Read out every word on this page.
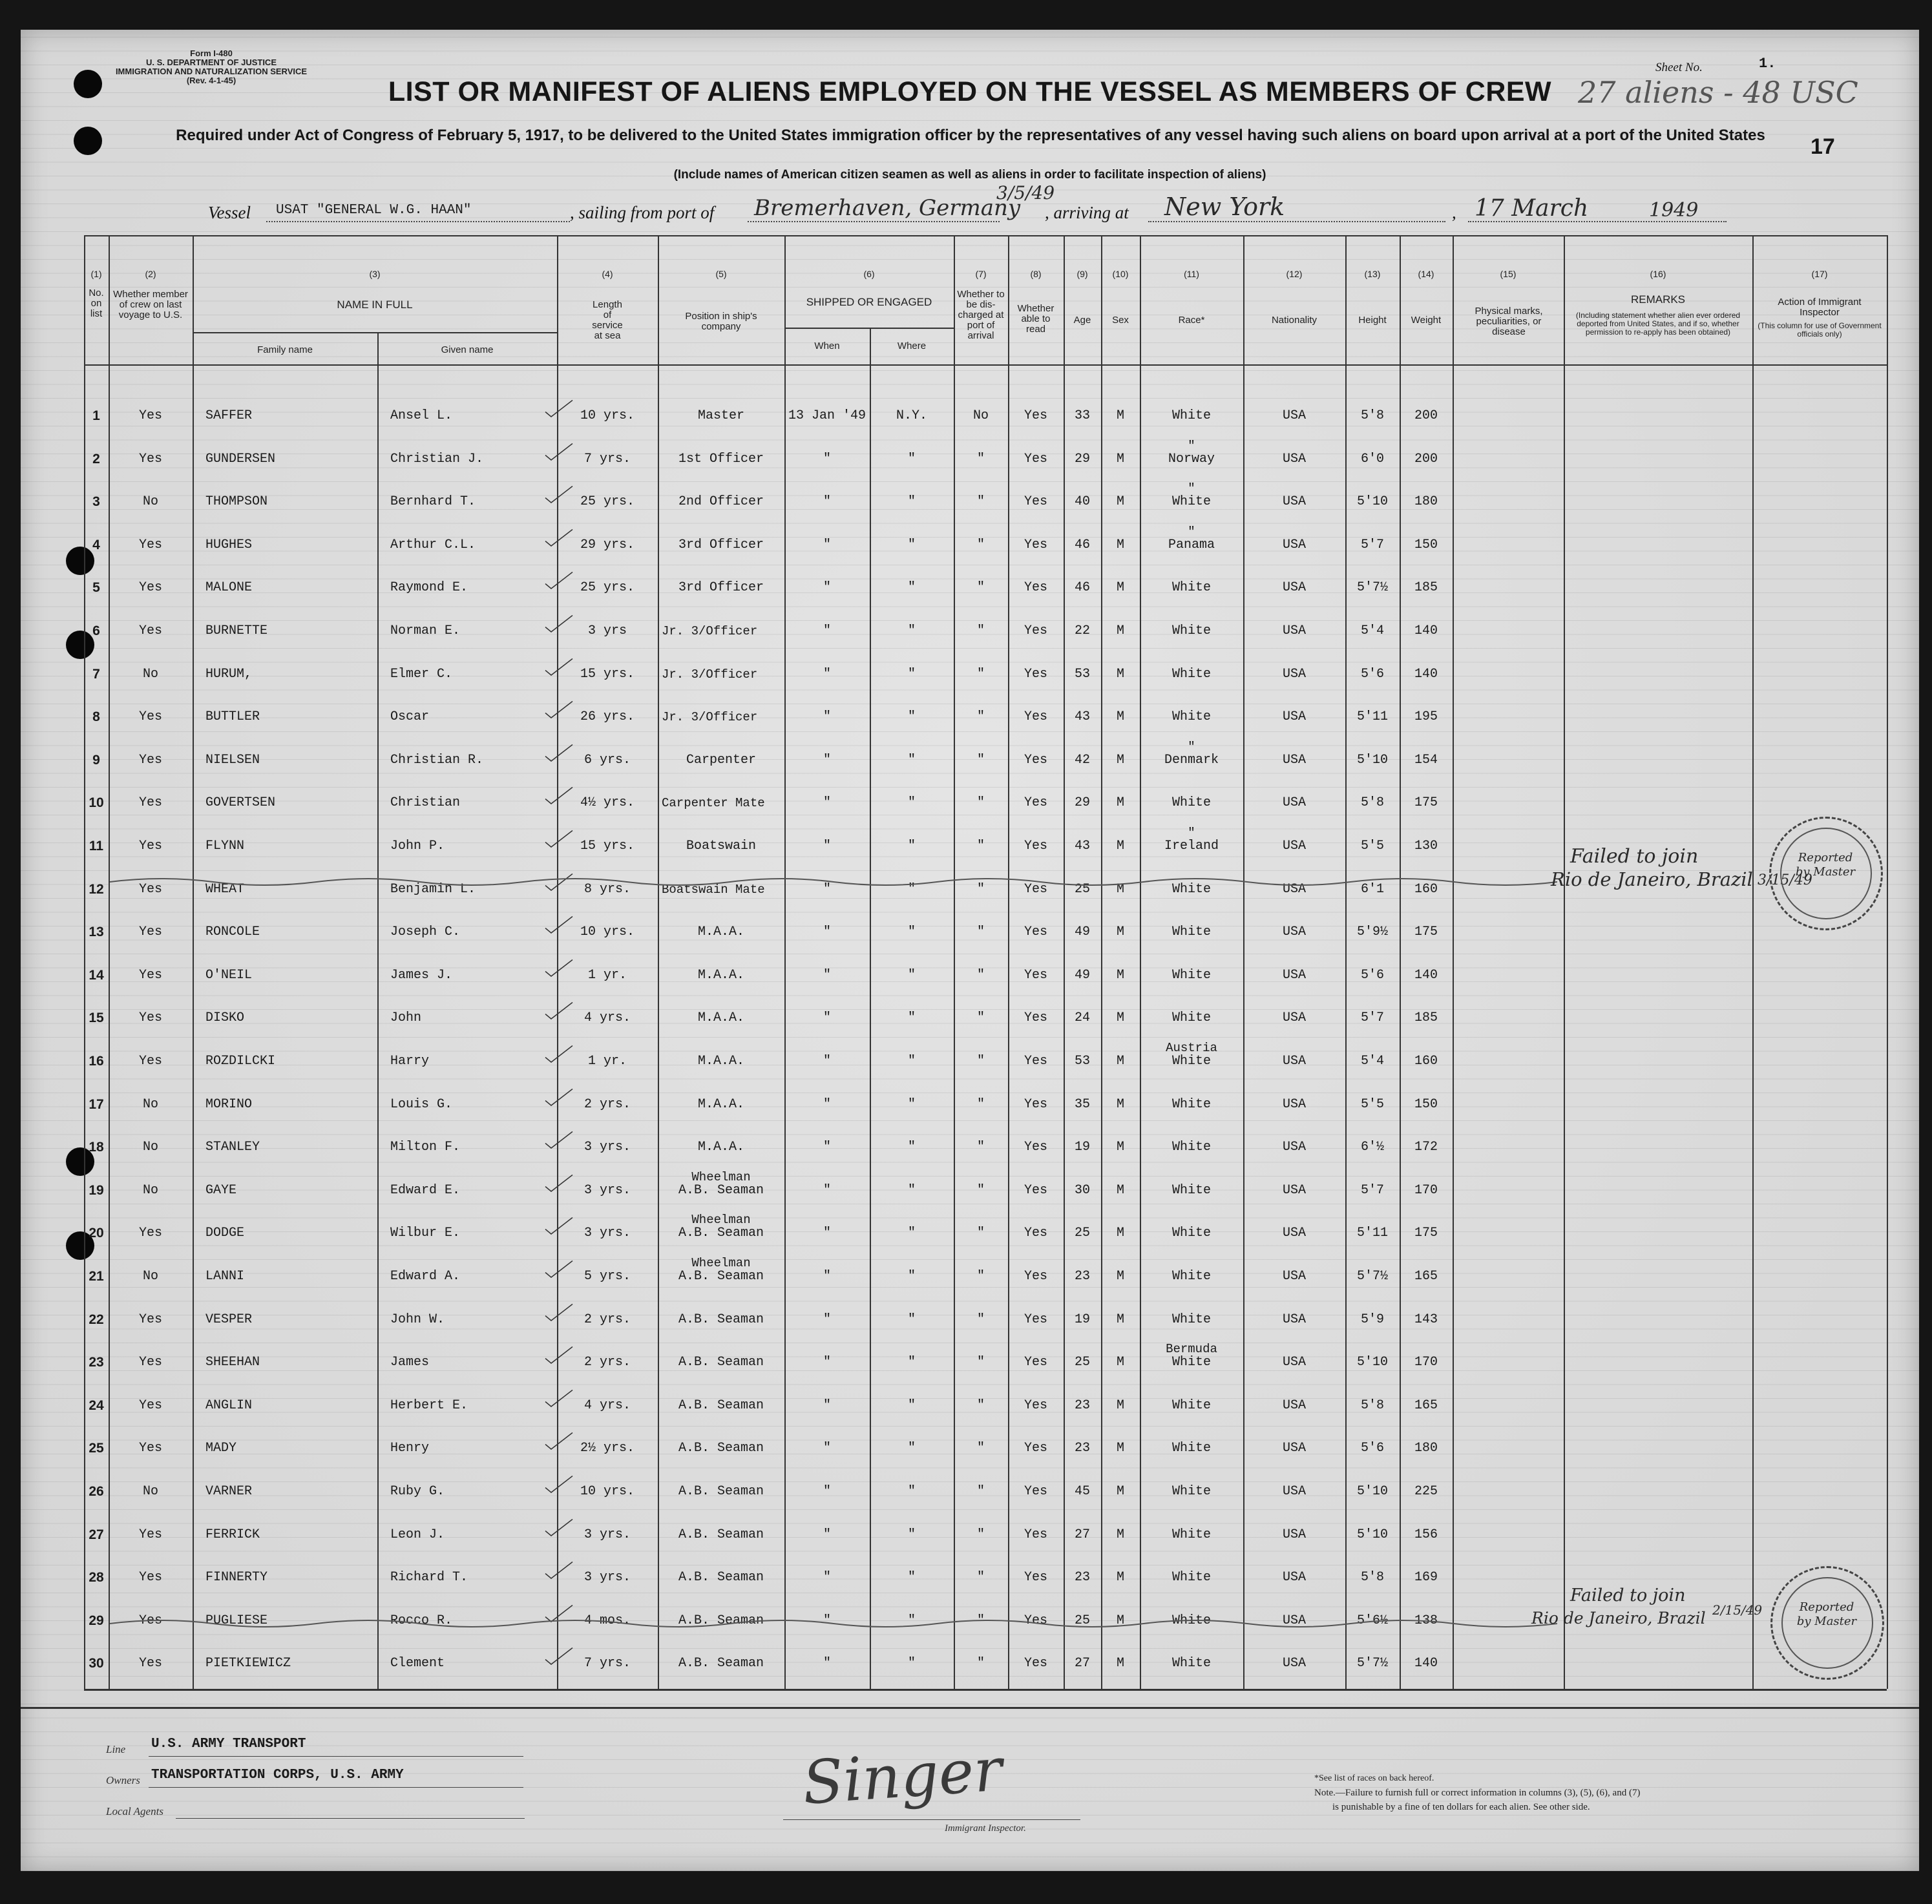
Form I-480
U. S. DEPARTMENT OF JUSTICE
IMMIGRATION AND NATURALIZATION SERVICE
(Rev. 4-1-45)
Sheet No.	1.
27 aliens - 48 USC
LIST OR MANIFEST OF ALIENS EMPLOYED ON THE VESSEL AS MEMBERS OF CREW
Required under Act of Congress of February 5, 1917, to be delivered to the United States immigration officer by the representatives of any vessel having such aliens on board upon arrival at a port of the United States
(Include names of American citizen seamen as well as aliens in order to facilitate inspection of aliens)
17
Vessel USAT "GENERAL W.G. HAAN"	, sailing from port of Bremerhaven, Germany
3/5/49
, arriving at New York	, 17 March	1949
(1)	(2)	(3)	(4)	(5)	(6)	(7)	(8)	(9)	(10)	(11)	(12)	(13)	(14)	(15)	(16)	(17)
No. on list
Whether member of crew on last voyage to U.S.
NAME IN FULL
Family name	Given name
Length of service at sea
Position in ship's company
SHIPPED OR ENGAGED
When	Where
Whether to be dis-charged at port of arrival
Whether able to read
Age	Sex	Race*	Nationality	Height	Weight
Physical marks, peculiarities, or disease
REMARKS
(Including statement whether alien ever ordered deported from United States, and if so, whether permission to re-apply has been obtained)
Action of Immigrant Inspector
(This column for use of Government officials only)
1	Yes	SAFFER	Ansel L.	10 yrs.	Master	13 Jan '49	N.Y.	No	Yes	33	M	White	USA	5'8	200
2	Yes	GUNDERSEN	Christian J.	7 yrs.	1st Officer	"	"	"	Yes	29	M	Norway	USA	6'0	200
"
3	No	THOMPSON	Bernhard T.	25 yrs.	2nd Officer	"	"	"	Yes	40	M	White	USA	5'10	180
"
4	Yes	HUGHES	Arthur C.L.	29 yrs.	3rd Officer	"	"	"	Yes	46	M	Panama	USA	5'7	150
"
5	Yes	MALONE	Raymond E.	25 yrs.	3rd Officer	"	"	"	Yes	46	M	White	USA	5'7½	185
6	Yes	BURNETTE	Norman E.	3 yrs	Jr. 3/Officer	"	"	"	Yes	22	M	White	USA	5'4	140
7	No	HURUM,	Elmer C.	15 yrs.	Jr. 3/Officer	"	"	"	Yes	53	M	White	USA	5'6	140
8	Yes	BUTTLER	Oscar	26 yrs.	Jr. 3/Officer	"	"	"	Yes	43	M	White	USA	5'11	195
9	Yes	NIELSEN	Christian R.	6 yrs.	Carpenter	"	"	"	Yes	42	M	Denmark	USA	5'10	154
"
10	Yes	GOVERTSEN	Christian	4½ yrs.	Carpenter Mate	"	"	"	Yes	29	M	White	USA	5'8	175
11	Yes	FLYNN	John P.	15 yrs.	Boatswain	"	"	"	Yes	43	M	Ireland	USA	5'5	130
"
12	Yes	WHEAT	Benjamin L.	8 yrs.	Boatswain Mate	"	"	"	Yes	25	M	White	USA	6'1	160
13	Yes	RONCOLE	Joseph C.	10 yrs.	M.A.A.	"	"	"	Yes	49	M	White	USA	5'9½	175
14	Yes	O'NEIL	James J.	1 yr.	M.A.A.	"	"	"	Yes	49	M	White	USA	5'6	140
15	Yes	DISKO	John	4 yrs.	M.A.A.	"	"	"	Yes	24	M	White	USA	5'7	185
16	Yes	ROZDILCKI	Harry	1 yr.	M.A.A.	"	"	"	Yes	53	M	White	USA	5'4	160
Austria
17	No	MORINO	Louis G.	2 yrs.	M.A.A.	"	"	"	Yes	35	M	White	USA	5'5	150
18	No	STANLEY	Milton F.	3 yrs.	M.A.A.	"	"	"	Yes	19	M	White	USA	6'½	172
19	No	GAYE	Edward E.	3 yrs.	A.B. Seaman	"	"	"	Yes	30	M	White	USA	5'7	170
Wheelman
20	Yes	DODGE	Wilbur E.	3 yrs.	A.B. Seaman	"	"	"	Yes	25	M	White	USA	5'11	175
Wheelman
21	No	LANNI	Edward A.	5 yrs.	A.B. Seaman	"	"	"	Yes	23	M	White	USA	5'7½	165
Wheelman
22	Yes	VESPER	John W.	2 yrs.	A.B. Seaman	"	"	"	Yes	19	M	White	USA	5'9	143
23	Yes	SHEEHAN	James	2 yrs.	A.B. Seaman	"	"	"	Yes	25	M	White	USA	5'10	170
Bermuda
24	Yes	ANGLIN	Herbert E.	4 yrs.	A.B. Seaman	"	"	"	Yes	23	M	White	USA	5'8	165
25	Yes	MADY	Henry	2½ yrs.	A.B. Seaman	"	"	"	Yes	23	M	White	USA	5'6	180
26	No	VARNER	Ruby G.	10 yrs.	A.B. Seaman	"	"	"	Yes	45	M	White	USA	5'10	225
27	Yes	FERRICK	Leon J.	3 yrs.	A.B. Seaman	"	"	"	Yes	27	M	White	USA	5'10	156
28	Yes	FINNERTY	Richard T.	3 yrs.	A.B. Seaman	"	"	"	Yes	23	M	White	USA	5'8	169
29	Yes	PUGLIESE	Rocco R.	4 mos.	A.B. Seaman	"	"	"	Yes	25	M	White	USA	5'6½	138
30	Yes	PIETKIEWICZ	Clement	7 yrs.	A.B. Seaman	"	"	"	Yes	27	M	White	USA	5'7½	140
Failed to join
Rio de Janeiro, Brazil 3/15/49
Reported by Master
Failed to join
Rio de Janeiro, Brazil 2/15/49	Reported by Master
Line U.S. ARMY TRANSPORT
Owners TRANSPORTATION CORPS, U.S. ARMY
Local Agents	Singer
Immigrant Inspector.
*See list of races on back hereof.
Note.—Failure to furnish full or correct information in columns (3), (5), (6), and (7)
is punishable by a fine of ten dollars for each alien. See other side.
